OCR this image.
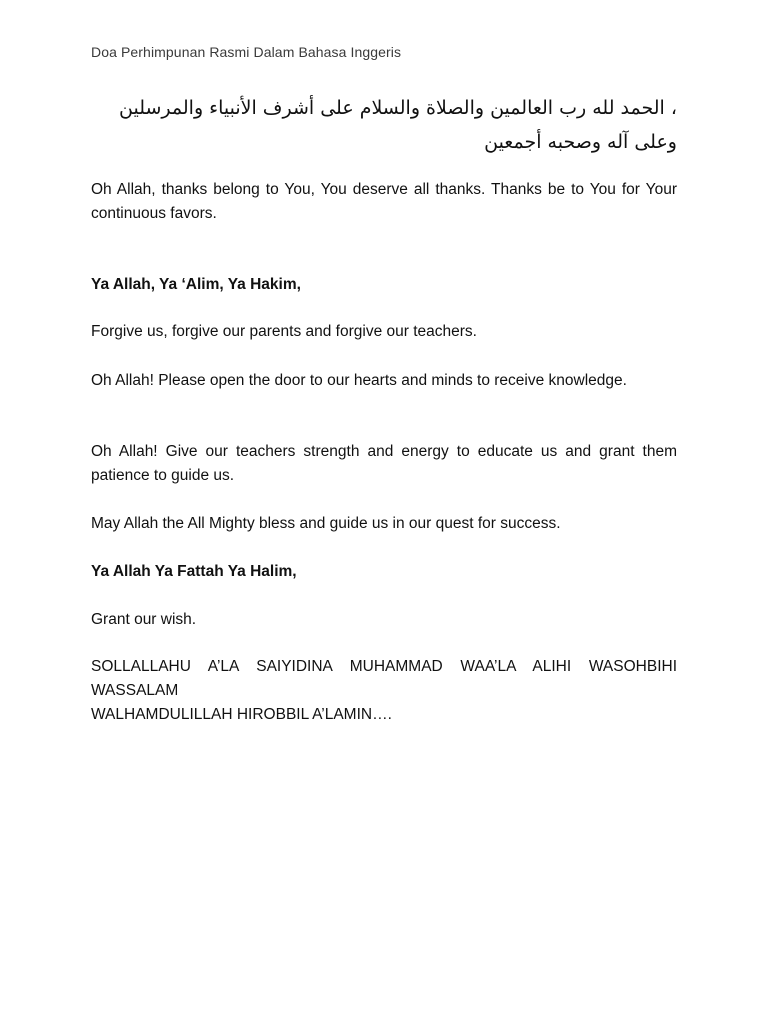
Doa Perhimpunan Rasmi Dalam Bahasa Inggeris
، الحمد لله رب العالمين والصلاة والسلام على أشرف الأنبياء والمرسلين
وعلى آله وصحبه أجمعين
Oh Allah, thanks belong to You, You deserve all thanks. Thanks be to You for Your continuous favors.
Ya Allah, Ya ‘Alim, Ya Hakim,
Forgive us, forgive our parents and forgive our teachers.
Oh Allah! Please open the door to our hearts and minds to receive knowledge.
Oh Allah! Give our teachers strength and energy to educate us and grant them patience to guide us.
May Allah the All Mighty bless and guide us in our quest for success.
Ya Allah Ya Fattah Ya Halim,
Grant our wish.
SOLLALLAHU A’LA SAIYIDINA MUHAMMAD WAA’LA ALIHI WASOHBIHI WASSALAM
WALHAMDULILLAH HIROBBIL A’LAMIN….
